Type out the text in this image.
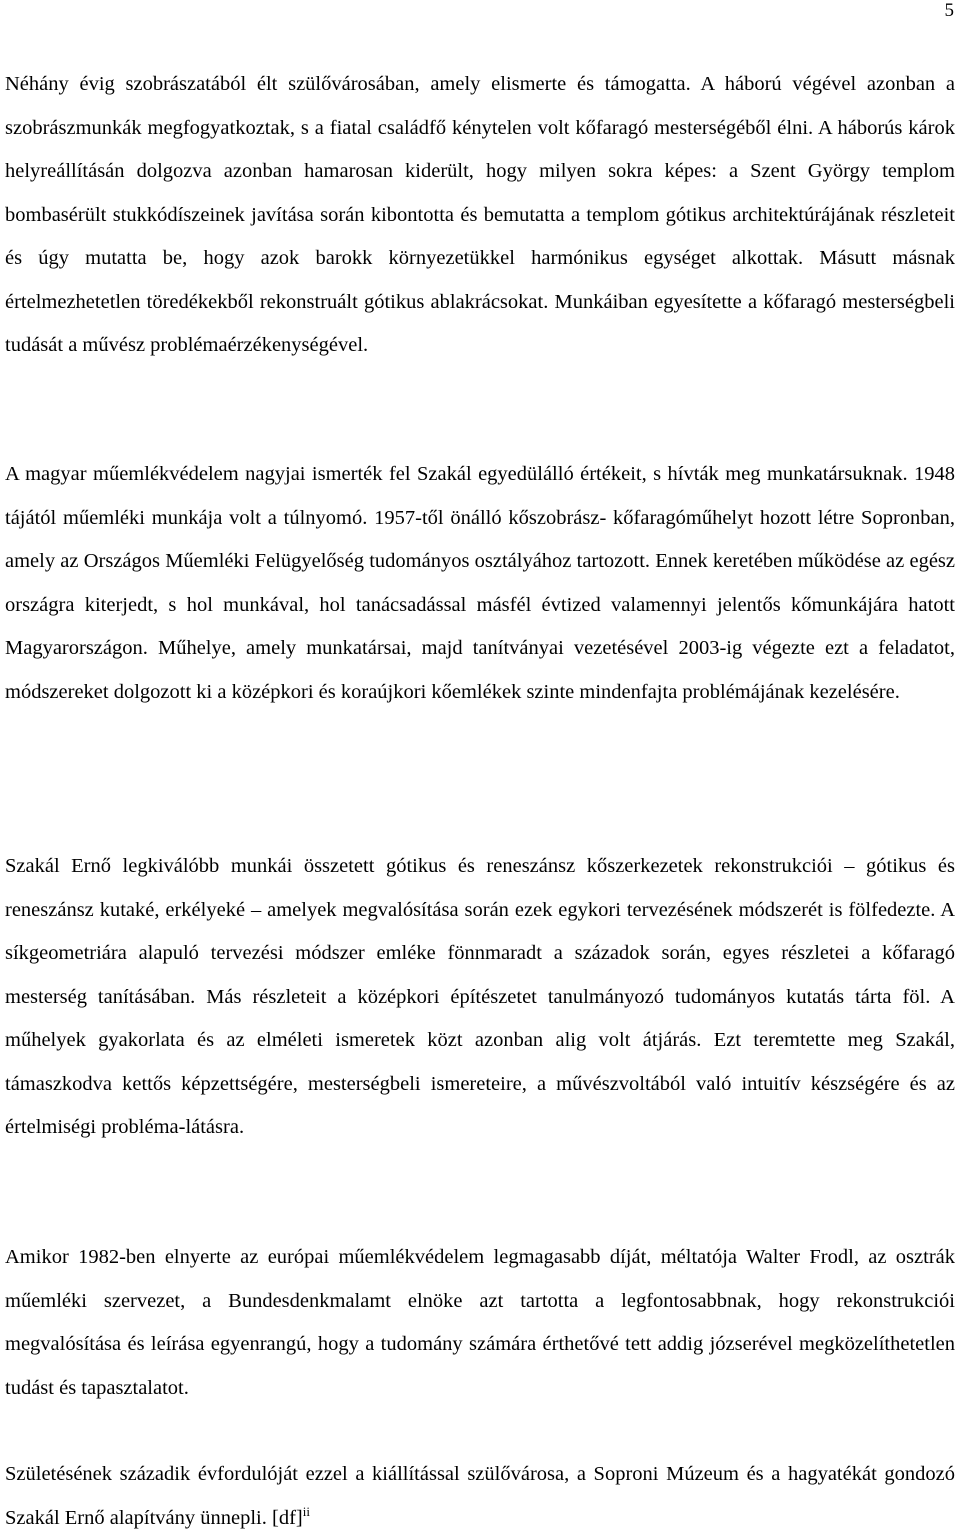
5

Néhány évig szobrászatából élt szülővárosában, amely elismerte és támogatta. A háború végével azonban a szobrászmunkák megfogyatkoztak, s a fiatal családfő kénytelen volt kőfaragó mesterségéből élni. A háborús károk helyreállításán dolgozva azonban hamarosan kiderült, hogy milyen sokra képes: a Szent György templom bombasérült stukkódíszeinek javítása során kibontotta és bemutatta a templom gótikus architektúrájának részleteit és úgy mutatta be, hogy azok barokk környezetükkel harmónikus egységet alkottak. Másutt másnak értelmezhetetlen töredékekből rekonstruált gótikus ablakrácsokat. Munkáiban egyesítette a kőfaragó mesterségbeli tudását a művész problémaérzékenységével.

A magyar műemlékvédelem nagyjai ismerték fel Szakál egyedülálló értékeit, s hívták meg munkatársuknak. 1948 tájától műemléki munkája volt a túlnyomó. 1957-től önálló kőszobrász- kőfaragóműhelyt hozott létre Sopronban, amely az Országos Műemléki Felügyelőség tudományos osztályához tartozott. Ennek keretében működése az egész országra kiterjedt, s hol munkával, hol tanácsadással másfél évtized valamennyi jelentős kőmunkájára hatott Magyarországon. Műhelye, amely munkatársai, majd tanítványai vezetésével 2003-ig végezte ezt a feladatot, módszereket dolgozott ki a középkori és koraújkori kőemlékek szinte mindenfajta problémájának kezelésére.

Szakál Ernő legkiválóbb munkái összetett gótikus és reneszánsz kőszerkezetek rekonstrukciói – gótikus és reneszánsz kutaké, erkélyeké – amelyek megvalósítása során ezek egykori tervezésének módszerét is fölfedezte. A síkgeometriára alapuló tervezési módszer emléke fönnmaradt a századok során, egyes részletei a kőfaragó mesterség tanításában. Más részleteit a középkori építészetet tanulmányozó tudományos kutatás tárta föl. A műhelyek gyakorlata és az elméleti ismeretek közt azonban alig volt átjárás. Ezt teremtette meg Szakál, támaszkodva kettős képzettségére, mesterségbeli ismereteire, a művészvoltából való intuitív készségére és az értelmiségi probléma-látásra.

Amikor 1982-ben elnyerte az európai műemlékvédelem legmagasabb díját, méltatója Walter Frodl, az osztrák műemléki szervezet, a Bundesdenkmalamt elnöke azt tartotta a legfontosabbnak, hogy rekonstrukciói megvalósítása és leírása egyenrangú, hogy a tudomány számára érthetővé tett addig józserével megközelíthetetlen tudást és tapasztalatot.

Születésének századik évfordulóját ezzel a kiállítással szülővárosa, a Soproni Múzeum és a hagyatékát gondozó Szakál Ernő alapítvány ünnepli. [df]$^{ii}$
